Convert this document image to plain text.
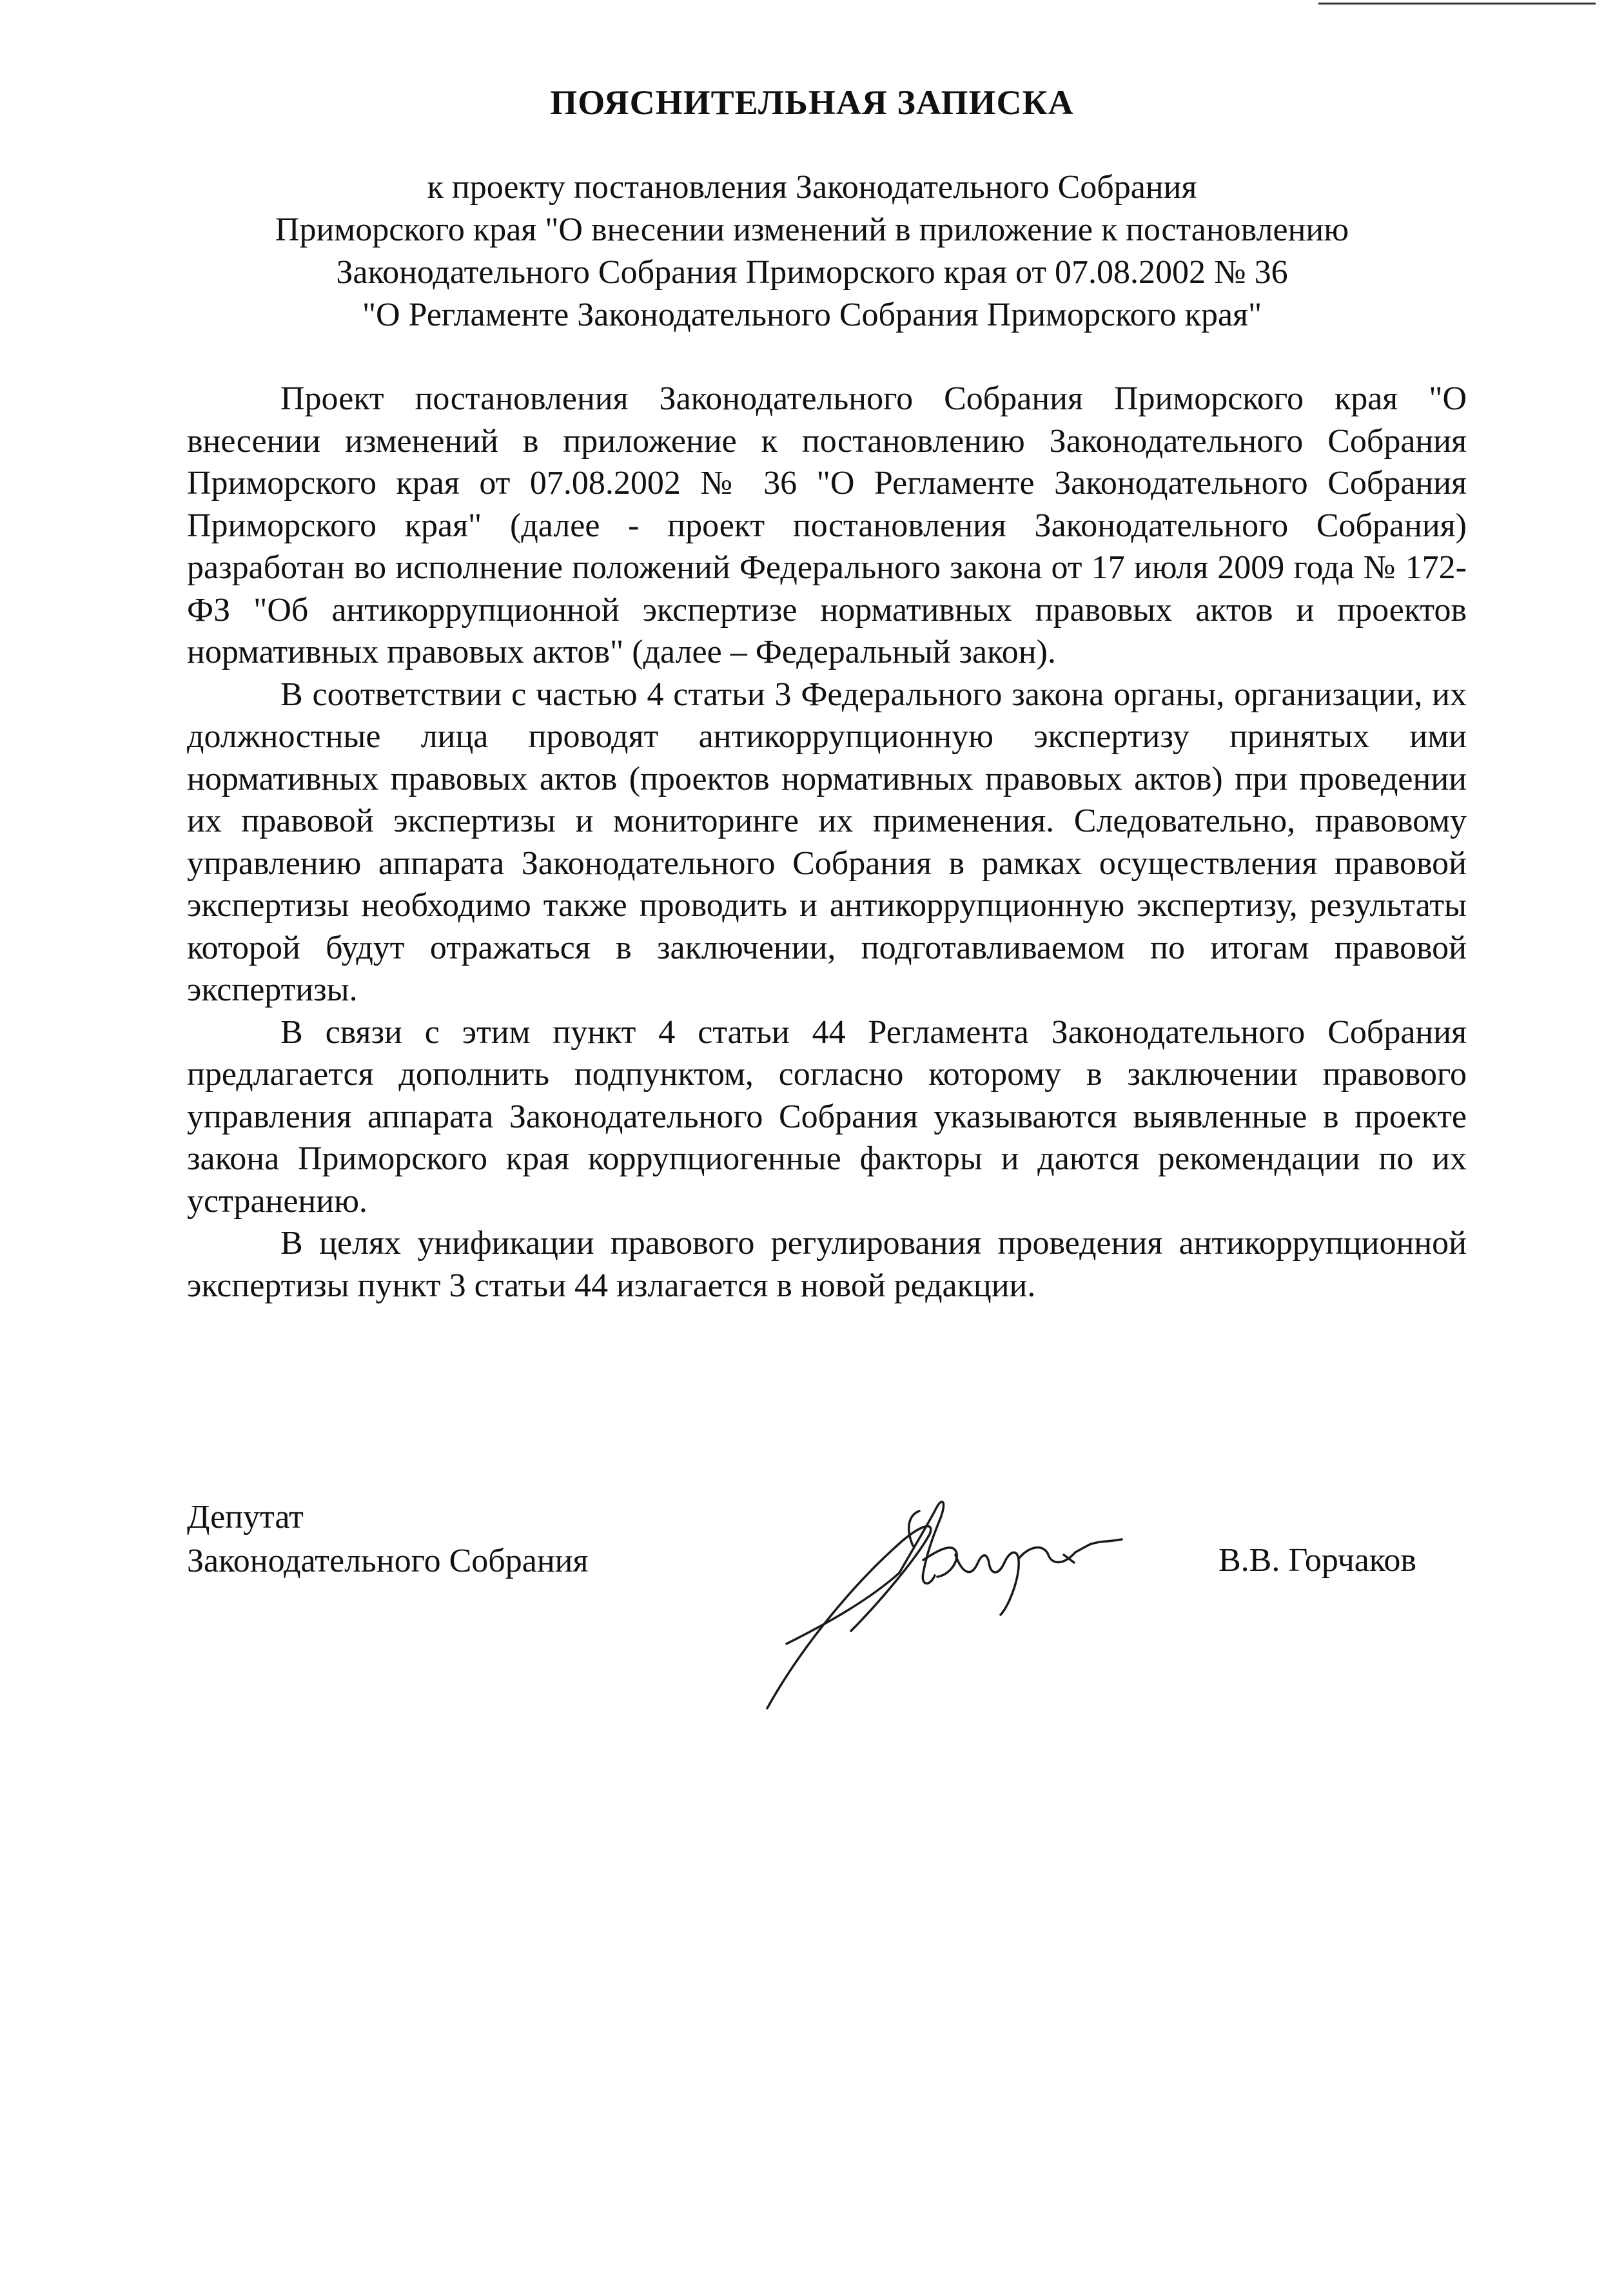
ПОЯСНИТЕЛЬНАЯ ЗАПИСКА
к проекту постановления Законодательного Собрания
Приморского края "О внесении изменений в приложение к постановлению
Законодательного Собрания Приморского края от 07.08.2002 № 36
"О Регламенте Законодательного Собрания Приморского края"

Проект постановления Законодательного Собрания Приморского края "О внесении изменений в приложение к постановлению Законодательного Собрания Приморского края от 07.08.2002 № 36 "О Регламенте Законодательного Собрания Приморского края" (далее - проект постановления Законодательного Собрания) разработан во исполнение положений Федерального закона от 17 июля 2009 года № 172-ФЗ "Об антикоррупционной экспертизе нормативных правовых актов и проектов нормативных правовых актов" (далее – Федеральный закон).

В соответствии с частью 4 статьи 3 Федерального закона органы, организации, их должностные лица проводят антикоррупционную экспертизу принятых ими нормативных правовых актов (проектов нормативных правовых актов) при проведении их правовой экспертизы и мониторинге их применения. Следовательно, правовому управлению аппарата Законодательного Собрания в рамках осуществления правовой экспертизы необходимо также проводить и антикоррупционную экспертизу, результаты которой будут отражаться в заключении, подготавливаемом по итогам правовой экспертизы.

В связи с этим пункт 4 статьи 44 Регламента Законодательного Собрания предлагается дополнить подпунктом, согласно которому в заключении правового управления аппарата Законодательного Собрания указываются выявленные в проекте закона Приморского края коррупциогенные факторы и даются рекомендации по их устранению.

В целях унификации правового регулирования проведения антикоррупционной экспертизы пункт 3 статьи 44 излагается в новой редакции.

Депутат
Законодательного Собрания	В.В. Горчаков
